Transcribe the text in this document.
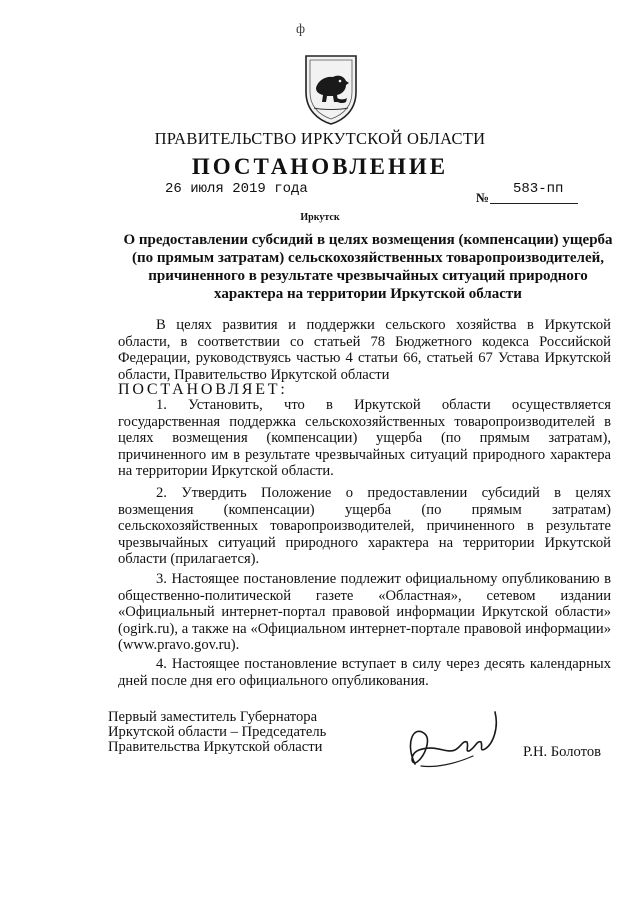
ф
ПРАВИТЕЛЬСТВО ИРКУТСКОЙ ОБЛАСТИ
ПОСТАНОВЛЕНИЕ
26 июля 2019 года
№
583-пп
Иркутск
О предоставлении субсидий в целях возмещения (компенсации) ущерба (по прямым затратам) сельскохозяйственных товаропроизводителей, причиненного в результате чрезвычайных ситуаций природного характера на территории Иркутской области
В целях развития и поддержки сельского хозяйства в Иркутской области, в соответствии со статьей 78 Бюджетного кодекса Российской Федерации, руководствуясь частью 4 статьи 66, статьей 67 Устава Иркутской области, Правительство Иркутской области
ПОСТАНОВЛЯЕТ:
1. Установить, что в Иркутской области осуществляется государственная поддержка сельскохозяйственных товаропроизводителей в целях возмещения (компенсации) ущерба (по прямым затратам), причиненного им в результате чрезвычайных ситуаций природного характера на территории Иркутской области.
2. Утвердить Положение о предоставлении субсидий в целях возмещения (компенсации) ущерба (по прямым затратам) сельскохозяйственных товаропроизводителей, причиненного в результате чрезвычайных ситуаций природного характера на территории Иркутской области (прилагается).
3. Настоящее постановление подлежит официальному опубликованию в общественно-политической газете «Областная», сетевом издании «Официальный интернет-портал правовой информации Иркутской области» (ogirk.ru), а также на «Официальном интернет-портале правовой информации» (www.pravo.gov.ru).
4. Настоящее постановление вступает в силу через десять календарных дней после дня его официального опубликования.
Первый заместитель Губернатора
Иркутской области – Председатель
Правительства Иркутской области	Р.Н. Болотов
